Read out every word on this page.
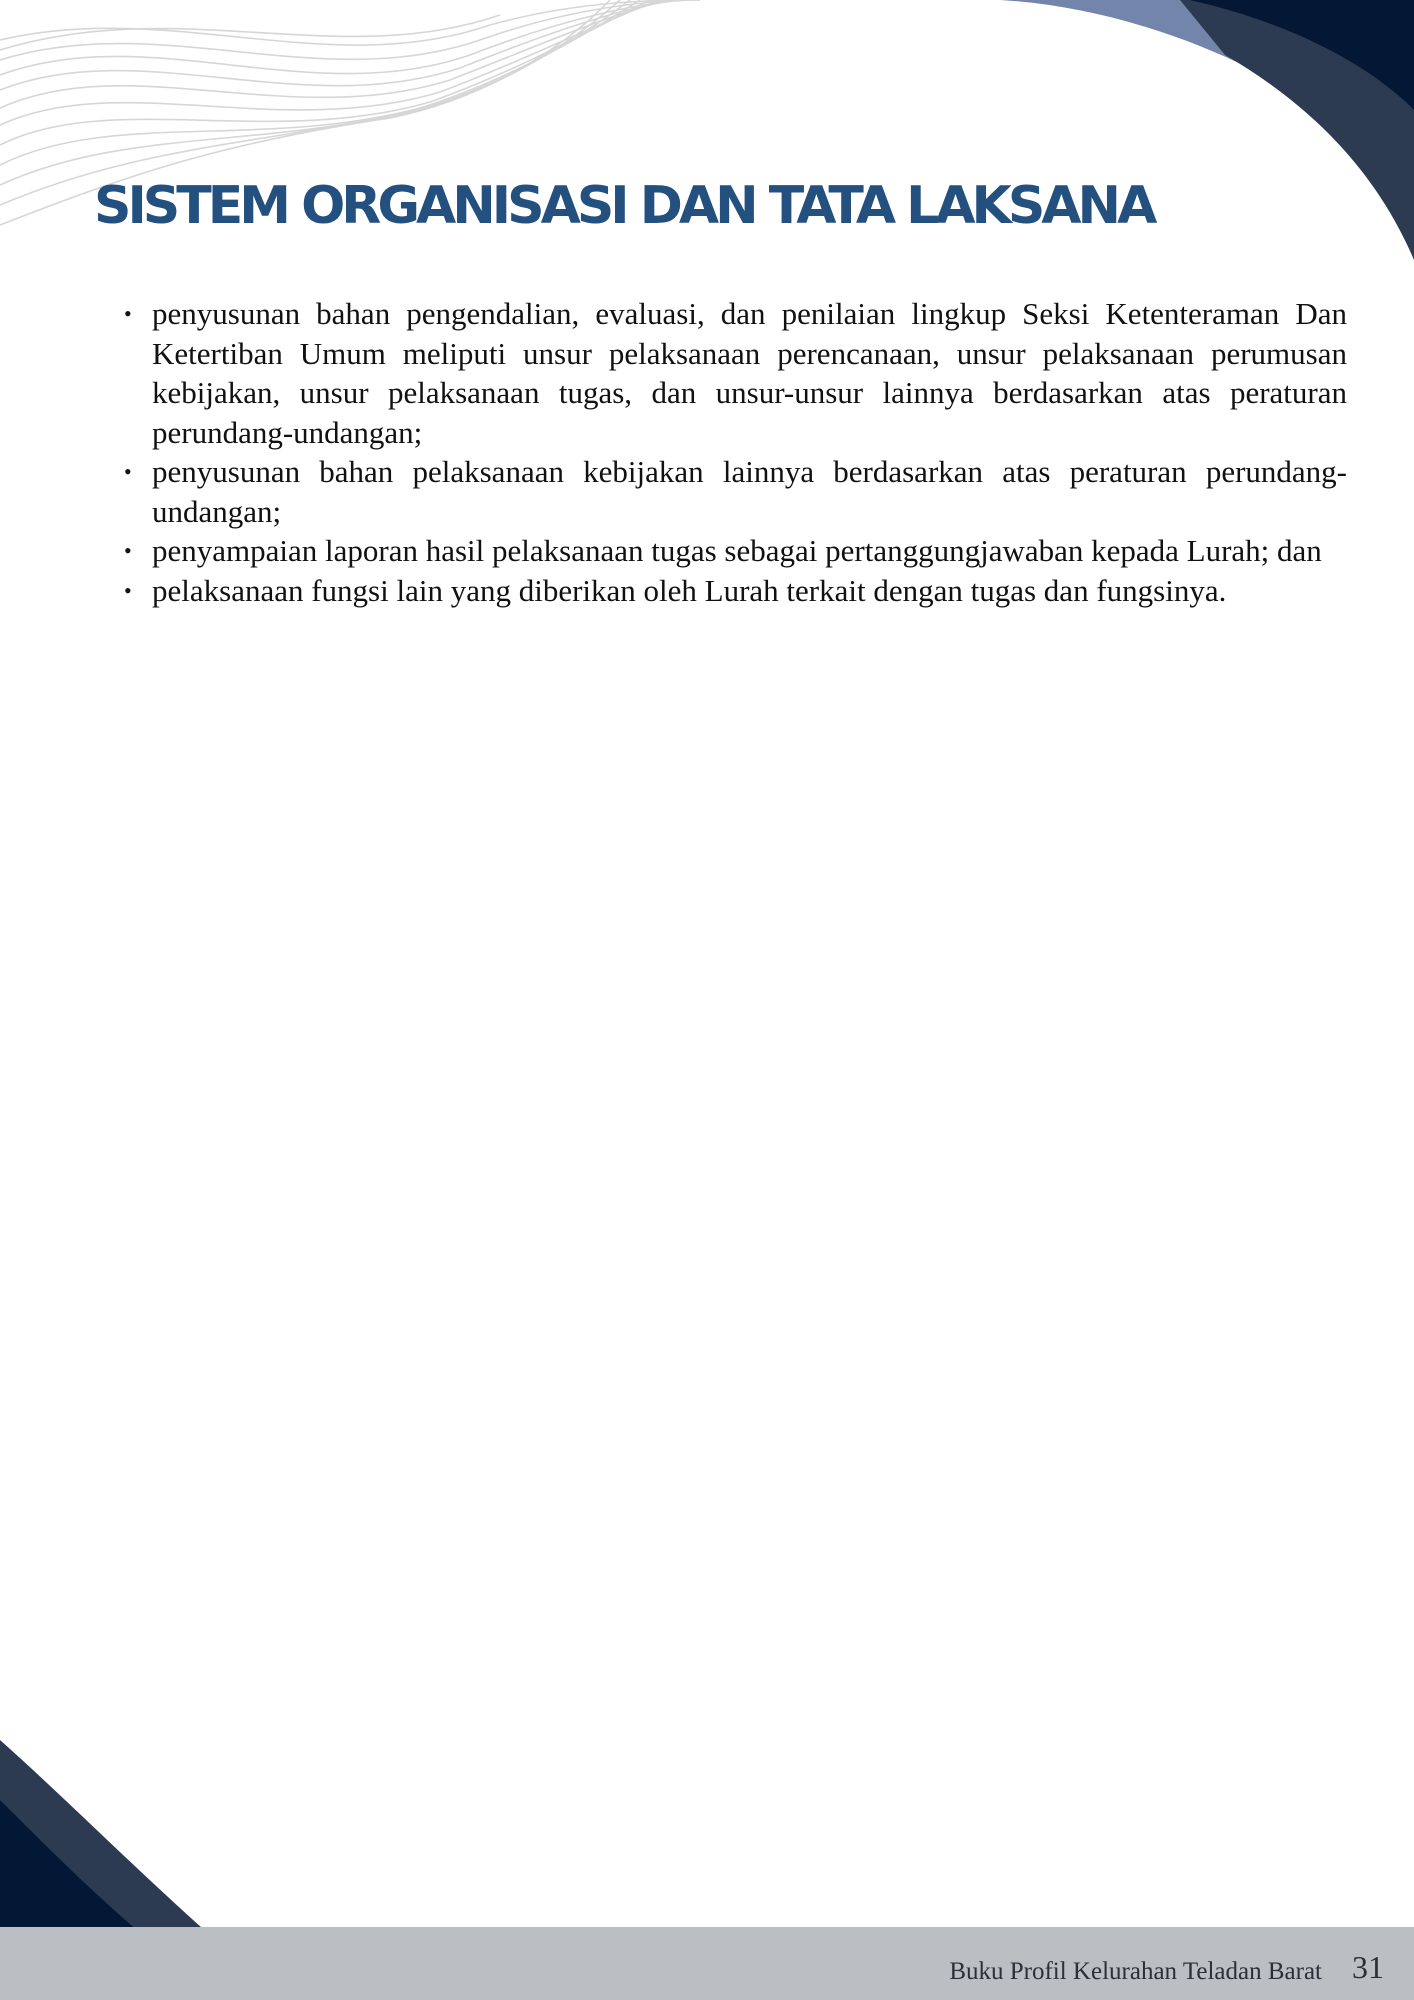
SISTEM ORGANISASI DAN TATA LAKSANA
• penyusunan bahan pengendalian, evaluasi, dan penilaian lingkup Seksi Ketenteraman Dan Ketertiban Umum meliputi unsur pelaksanaan perencanaan, unsur pelaksanaan perumusan kebijakan, unsur pelaksanaan tugas, dan unsur-unsur lainnya berdasarkan atas peraturan perundang-undangan;
• penyusunan bahan pelaksanaan kebijakan lainnya berdasarkan atas peraturan perundang-undangan;
• penyampaian laporan hasil pelaksanaan tugas sebagai pertanggungjawaban kepada Lurah; dan
• pelaksanaan fungsi lain yang diberikan oleh Lurah terkait dengan tugas dan fungsinya.
Buku Profil Kelurahan Teladan Barat 31
